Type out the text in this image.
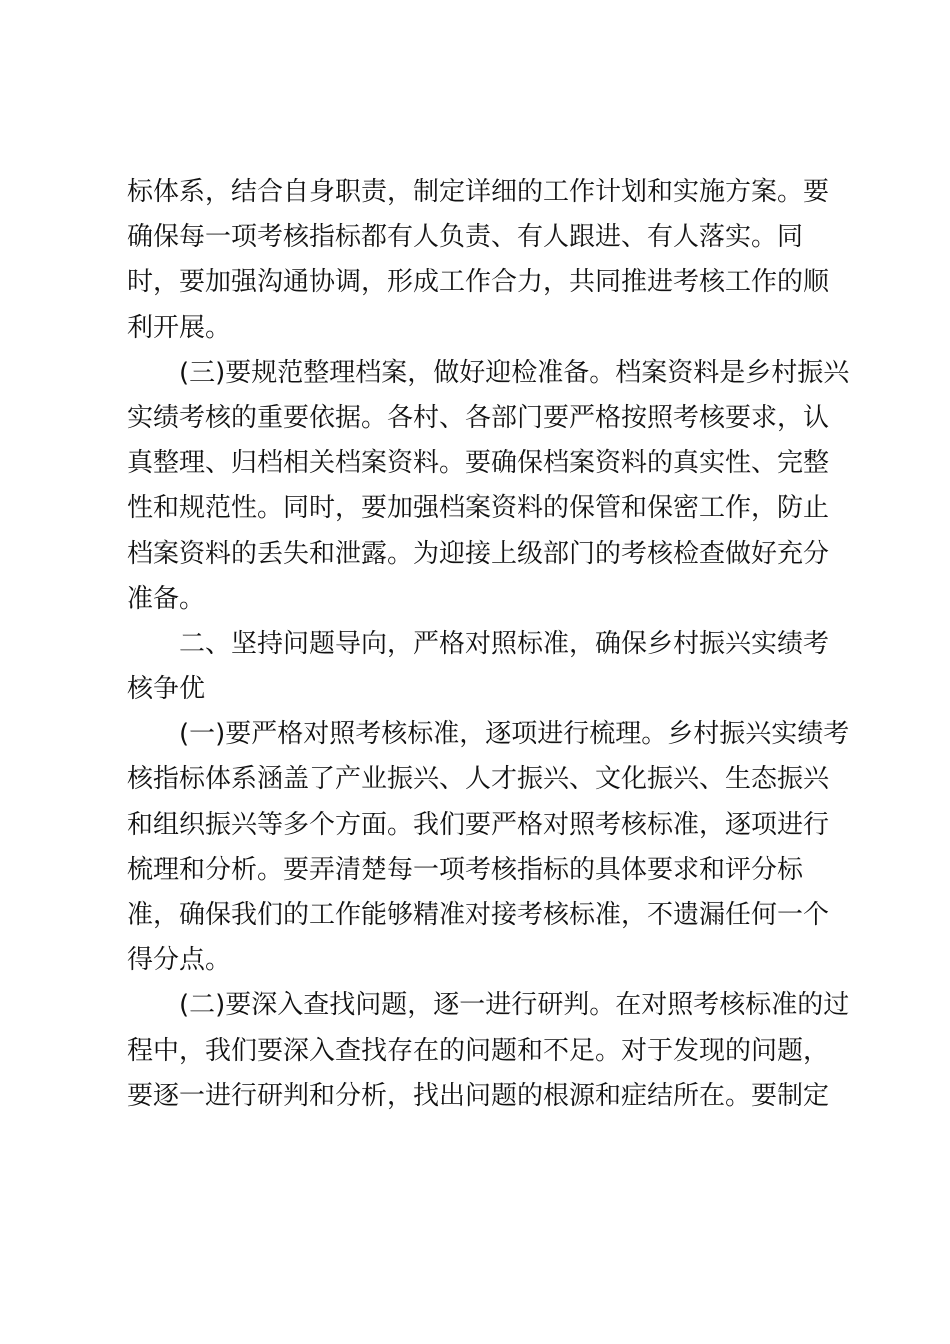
标体系，结合自身职责，制定详细的工作计划和实施方案。要
确保每一项考核指标都有人负责、有人跟进、有人落实。同
时，要加强沟通协调，形成工作合力，共同推进考核工作的顺
利开展。
(三)要规范整理档案，做好迎检准备。档案资料是乡村振兴
实绩考核的重要依据。各村、各部门要严格按照考核要求，认
真整理、归档相关档案资料。要确保档案资料的真实性、完整
性和规范性。同时，要加强档案资料的保管和保密工作，防止
档案资料的丢失和泄露。为迎接上级部门的考核检查做好充分
准备。
二、坚持问题导向，严格对照标准，确保乡村振兴实绩考
核争优
(一)要严格对照考核标准，逐项进行梳理。乡村振兴实绩考
核指标体系涵盖了产业振兴、人才振兴、文化振兴、生态振兴
和组织振兴等多个方面。我们要严格对照考核标准，逐项进行
梳理和分析。要弄清楚每一项考核指标的具体要求和评分标
准，确保我们的工作能够精准对接考核标准，不遗漏任何一个
得分点。
(二)要深入查找问题，逐一进行研判。在对照考核标准的过
程中，我们要深入查找存在的问题和不足。对于发现的问题，
要逐一进行研判和分析，找出问题的根源和症结所在。要制定
